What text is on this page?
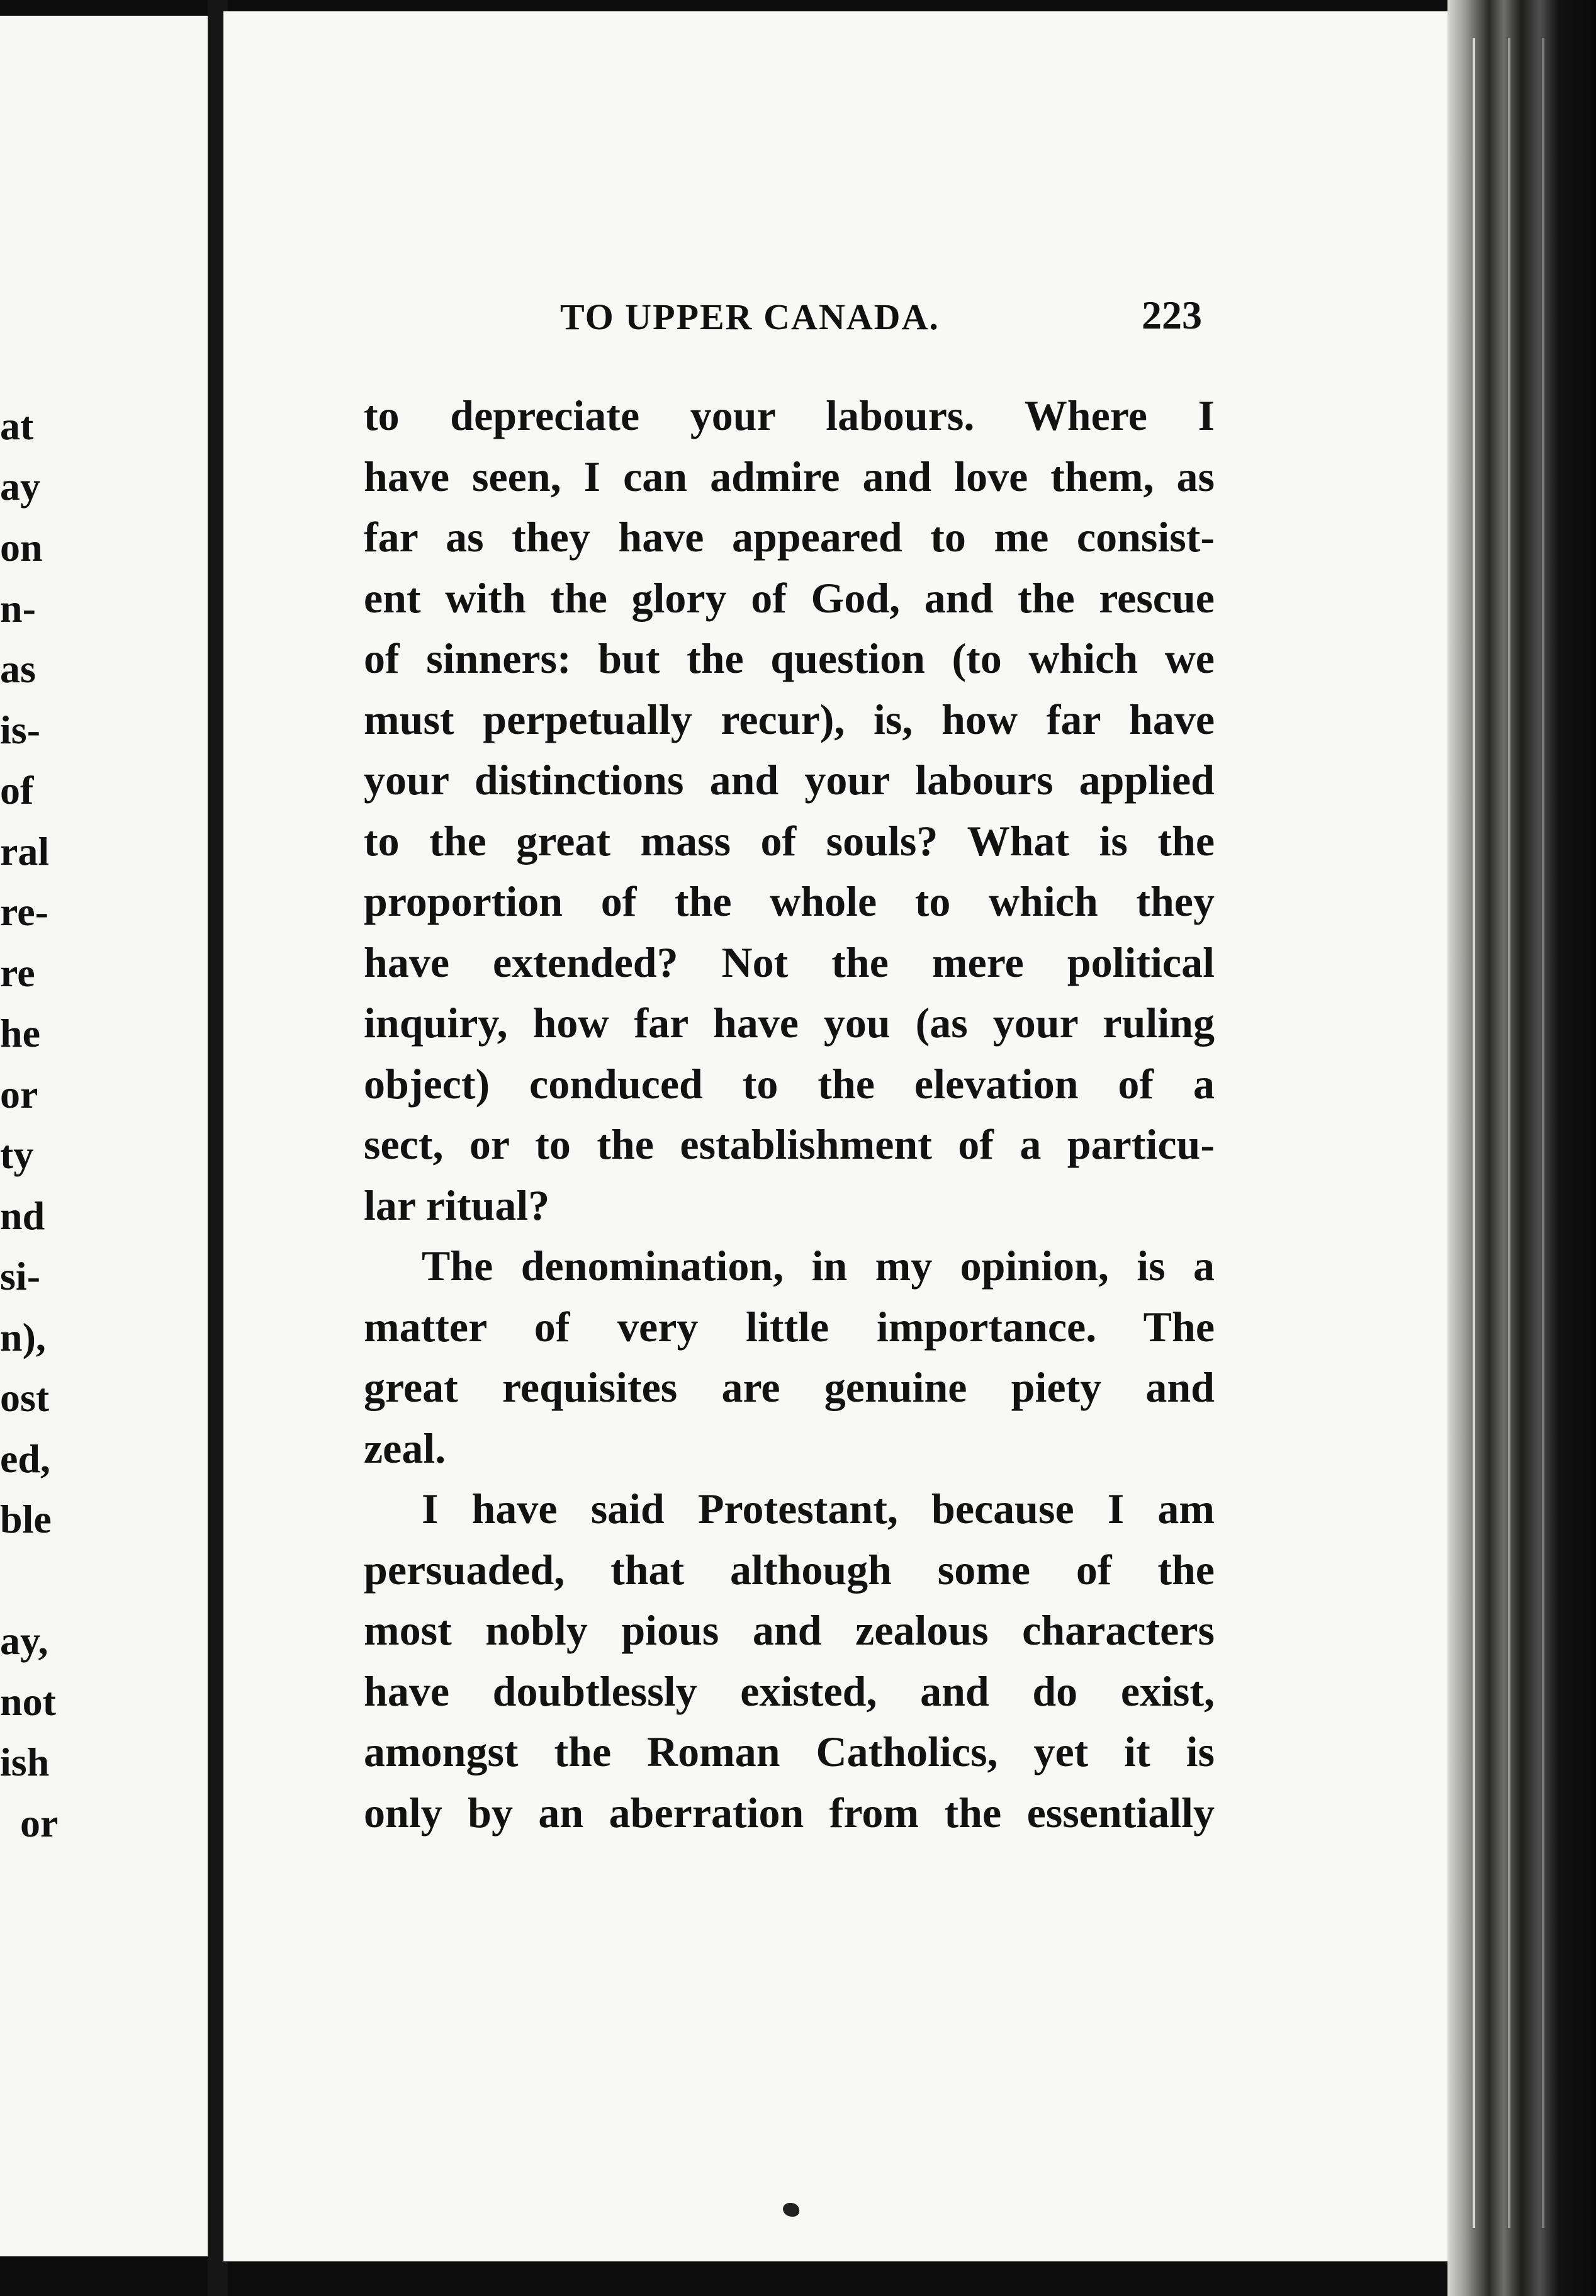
at
ay
on
n-
as
is-
of
ral
re-
re
he
or
ty
nd
si-
n),
ost
ed,
ble
ay,
not
ish
or
TO UPPER CANADA.	223
to depreciate your labours. Where I
have seen, I can admire and love them, as
far as they have appeared to me consist-
ent with the glory of God, and the rescue
of sinners: but the question (to which we
must perpetually recur), is, how far have
your distinctions and your labours applied
to the great mass of souls? What is the
proportion of the whole to which they
have extended? Not the mere political
inquiry, how far have you (as your ruling
object) conduced to the elevation of a
sect, or to the establishment of a particu-
lar ritual?
The denomination, in my opinion, is a
matter of very little importance. The
great requisites are genuine piety and
zeal.
I have said Protestant, because I am
persuaded, that although some of the
most nobly pious and zealous characters
have doubtlessly existed, and do exist,
amongst the Roman Catholics, yet it is
only by an aberration from the essentially
